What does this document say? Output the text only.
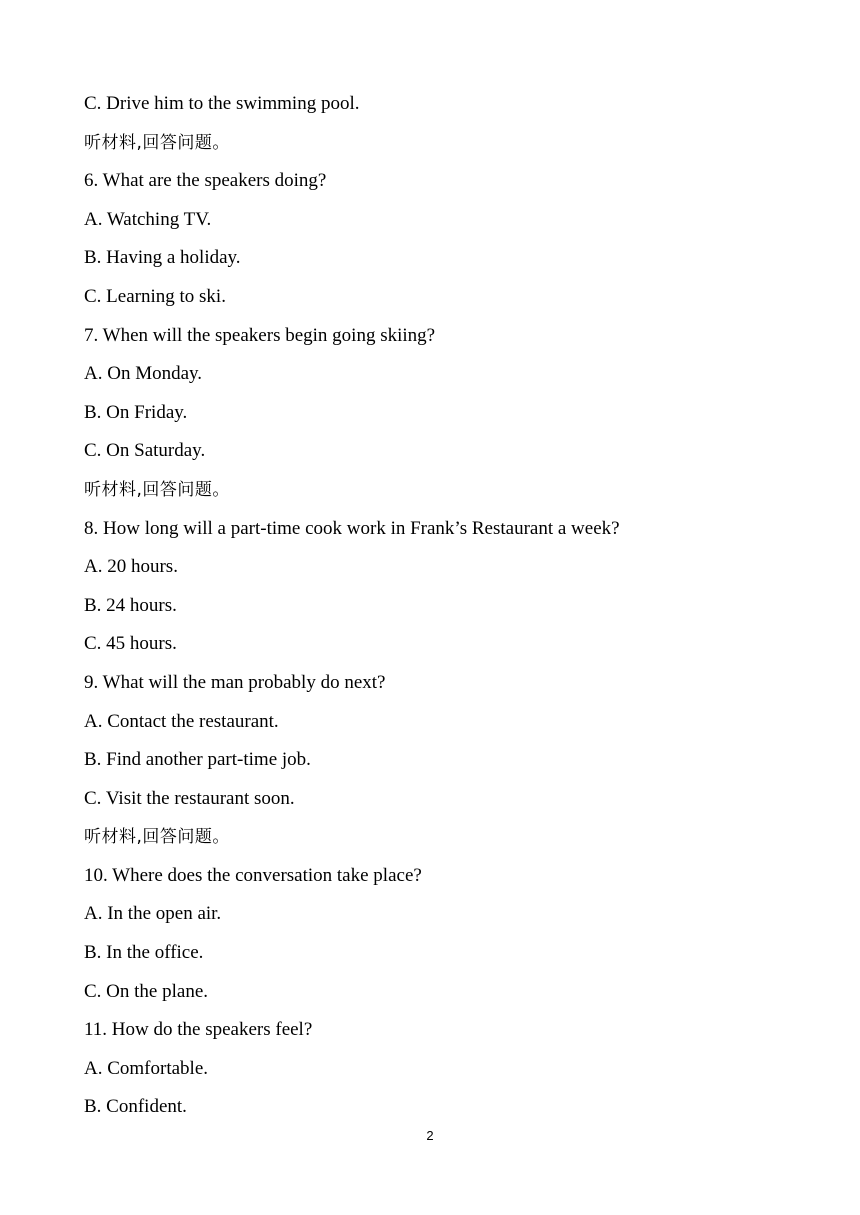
C. Drive him to the swimming pool.
听材料,回答问题。
6. What are the speakers doing?
A. Watching TV.
B. Having a holiday.
C. Learning to ski.
7. When will the speakers begin going skiing?
A. On Monday.
B. On Friday.
C. On Saturday.
听材料,回答问题。
8. How long will a part-time cook work in Frank’s Restaurant a week?
A. 20 hours.
B. 24 hours.
C. 45 hours.
9. What will the man probably do next?
A. Contact the restaurant.
B. Find another part-time job.
C. Visit the restaurant soon.
听材料,回答问题。
10. Where does the conversation take place?
A. In the open air.
B. In the office.
C. On the plane.
11. How do the speakers feel?
A. Comfortable.
B. Confident.
2
